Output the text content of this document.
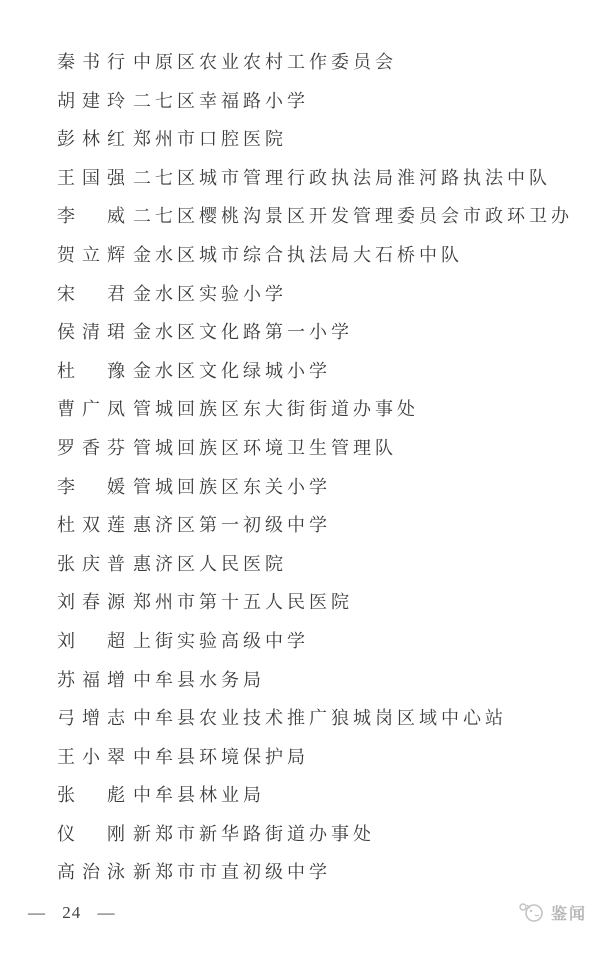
秦书行 中原区农业农村工作委员会
胡建玲 二七区幸福路小学
彭林红 郑州市口腔医院
王国强 二七区城市管理行政执法局淮河路执法中队
李威 二七区樱桃沟景区开发管理委员会市政环卫办
贺立辉 金水区城市综合执法局大石桥中队
宋君 金水区实验小学
侯清珺 金水区文化路第一小学
杜豫 金水区文化绿城小学
曹广凤 管城回族区东大街街道办事处
罗香芬 管城回族区环境卫生管理队
李媛 管城回族区东关小学
杜双莲 惠济区第一初级中学
张庆普 惠济区人民医院
刘春源 郑州市第十五人民医院
刘超 上街实验高级中学
苏福增 中牟县水务局
弓增志 中牟县农业技术推广狼城岗区域中心站
王小翠 中牟县环境保护局
张彪 中牟县林业局
仪刚 新郑市新华路街道办事处
高治泳 新郑市市直初级中学
— 24 —	鉴闻
